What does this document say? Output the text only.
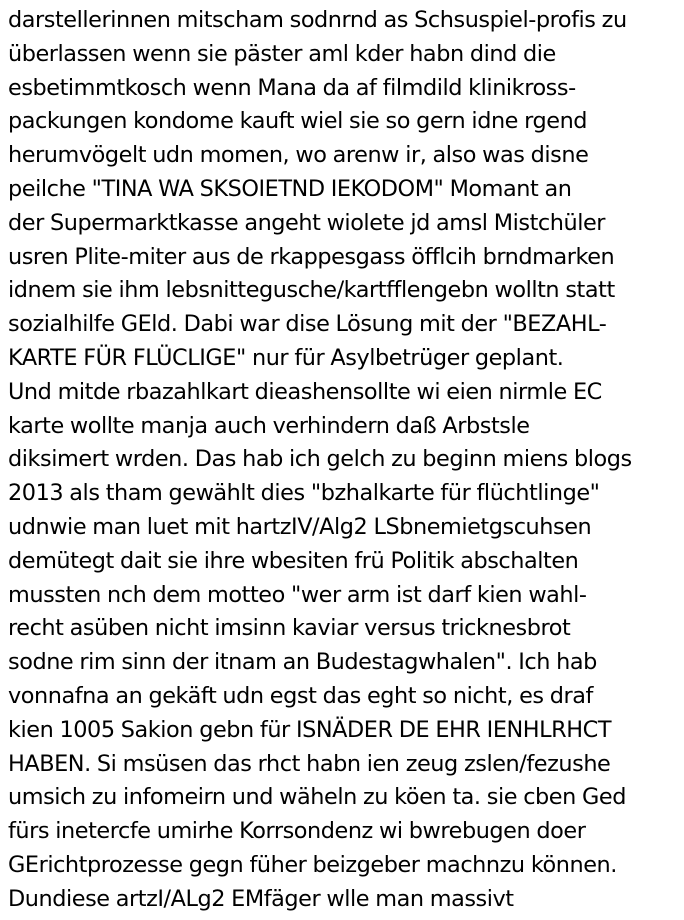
darstellerinnen mitscham sodnrnd as Schsuspiel-profis zu
überlassen wenn sie päster aml kder habn dind die
esbetimmtkosch wenn Mana da af filmdild klinikross-
packungen kondome kauft wiel sie so gern idne rgend
herumvögelt udn momen, wo arenw ir, also was disne
peilche "TINA WA SKSOIETND IEKODOM" Momant an
der Supermarktkasse angeht wiolete jd amsl Mistchüler
usren Plite-miter aus de rkappesgass öfflcih brndmarken
idnem sie ihm lebsnittegusche/kartfflengebn wolltn statt
sozialhilfe GEld. Dabi war dise Lösung mit der "BEZAHL-
KARTE FÜR FLÜCLIGE" nur für Asylbetrüger geplant.
Und mitde rbazahlkart dieashensollte wi eien nirmle EC
karte wollte manja auch verhindern daß Arbstsle
diksimert wrden. Das hab ich gelch zu beginn miens blogs
2013 als tham gewählt dies "bzhalkarte für flüchtlinge"
udnwie man luet mit hartzIV/Alg2 LSbnemietgscuhsen
demütegt dait sie ihre wbesiten frü Politik abschalten
mussten nch dem motteo "wer arm ist darf kien wahl-
recht asüben nicht imsinn kaviar versus tricknesbrot
sodne rim sinn der itnam an Budestagwhalen". Ich hab
vonnafna an gekäft udn egst das eght so nicht, es draf
kien 1005 Sakion gebn für ISNÄDER DE EHR IENHLRHCT
HABEN. Si msüsen das rhct habn ien zeug zslen/fezushe
umsich zu infomeirn und wäheln zu köen ta. sie cben Ged
fürs inetercfe umirhe Korrsondenz wi bwrebugen doer
GErichtprozesse gegn füher beizgeber machnzu können.
Dundiese artzI/ALg2 EMfäger wlle man massivt
